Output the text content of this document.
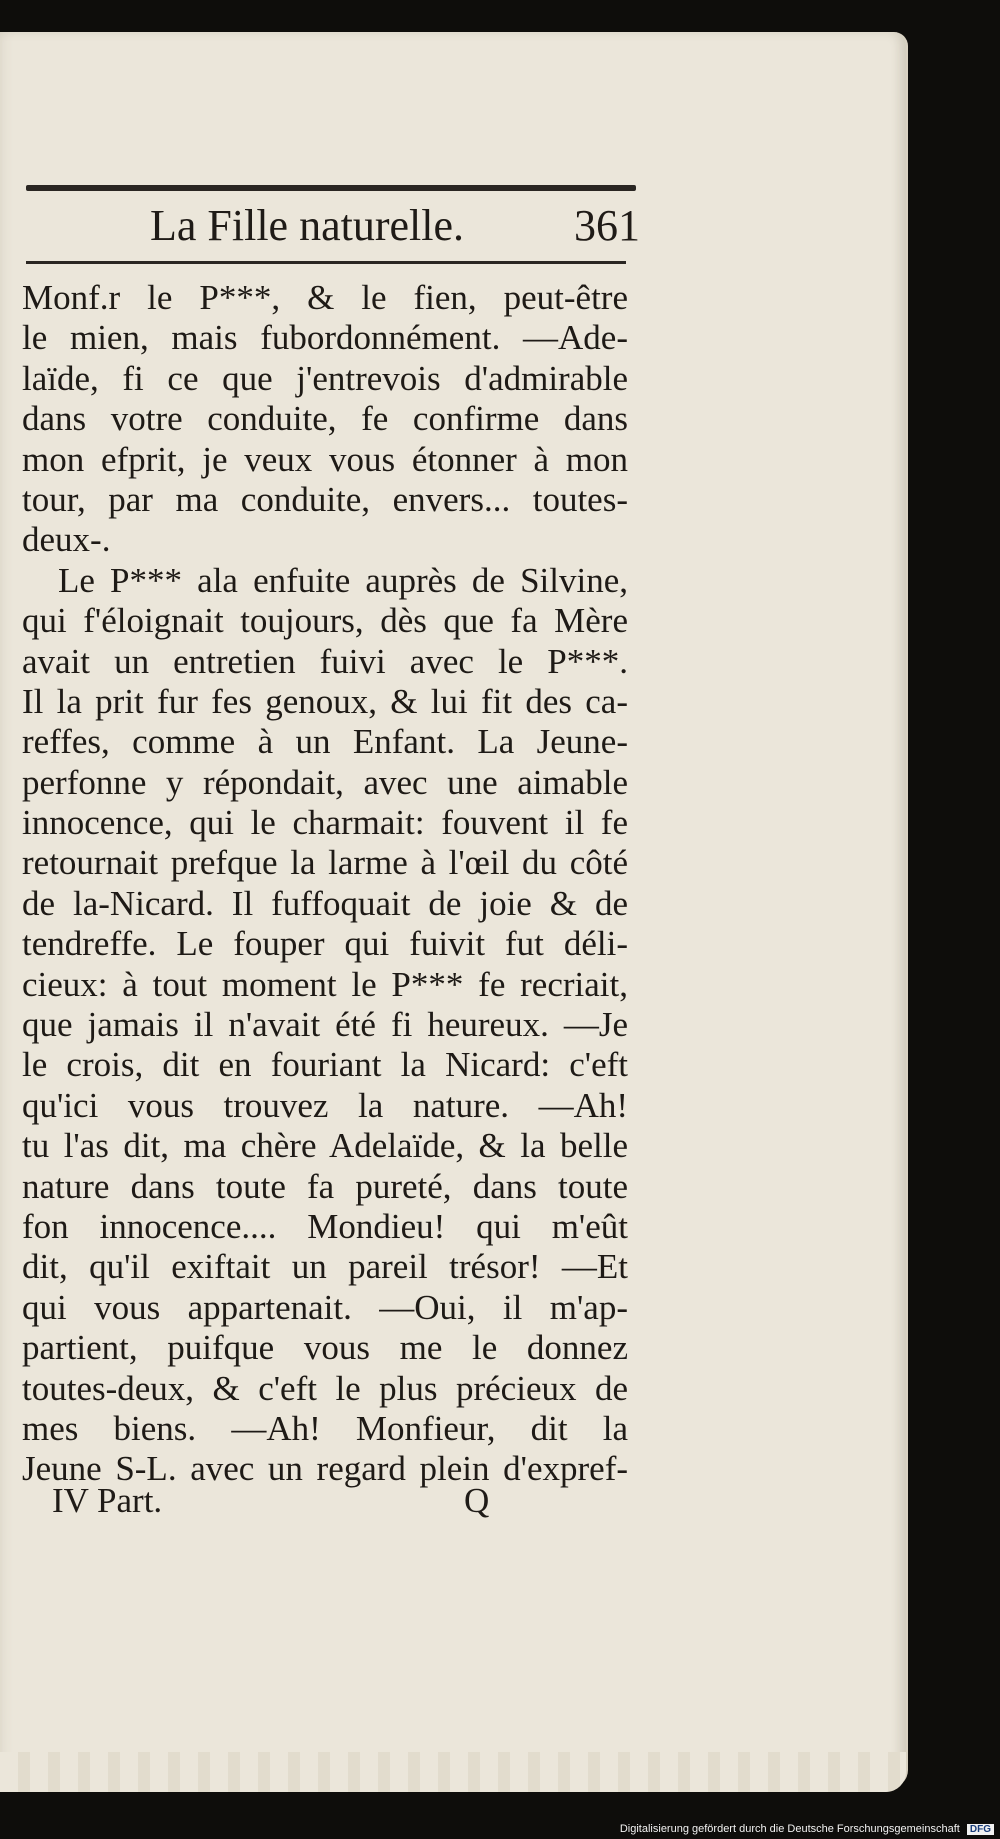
La Fille naturelle.	361
Monf.r le P***, & le fien, peut-être
le mien, mais fubordonnément. —Ade-
laïde, fi ce que j'entrevois d'admirable
dans votre conduite, fe confirme dans
mon efprit, je veux vous étonner à mon
tour, par ma conduite, envers... toutes-
deux-.
Le P*** ala enfuite auprès de Silvine,
qui f'éloignait toujours, dès que fa Mère
avait un entretien fuivi avec le P***.
Il la prit fur fes genoux, & lui fit des ca-
reffes, comme à un Enfant. La Jeune-
perfonne y répondait, avec une aimable
innocence, qui le charmait: fouvent il fe
retournait prefque la larme à l'œil du côté
de la-Nicard. Il fuffoquait de joie & de
tendreffe. Le fouper qui fuivit fut déli-
cieux: à tout moment le P*** fe recriait,
que jamais il n'avait été fi heureux. —Je
le crois, dit en fouriant la Nicard: c'eft
qu'ici vous trouvez la nature. —Ah!
tu l'as dit, ma chère Adelaïde, & la belle
nature dans toute fa pureté, dans toute
fon innocence.... Mondieu! qui m'eût
dit, qu'il exiftait un pareil trésor! —Et
qui vous appartenait. —Oui, il m'ap-
partient, puifque vous me le donnez
toutes-deux, & c'eft le plus précieux de
mes biens. —Ah! Monfieur, dit la
Jeune S-L. avec un regard plein d'expref-
IV Part.	Q
Digitalisierung gefördert durch die Deutsche Forschungsgemeinschaft DFG
